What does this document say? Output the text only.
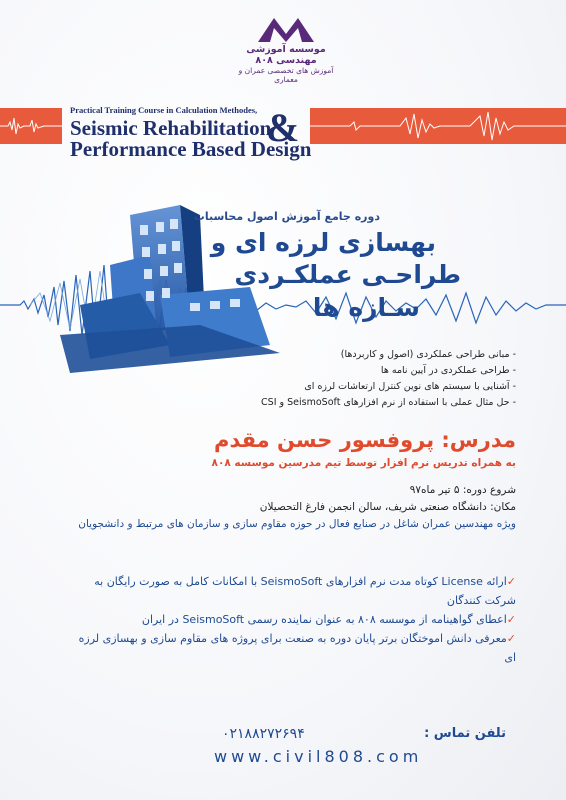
موسسه آموزشی مهندسی ۸۰۸
آموزش های تخصصی عمران و معماری
Practical Training Course in Calculation Methodes,
Seismic Rehabilitation
Performance Based Design
&
دوره جامع آموزش اصول محاسبات
بهسازی لرزه ای و
طراحـی عملکـردی
سـازه ها
- مبانی طراحی عملکردی (اصول و کاربردها)
- طراحی عملکردی در آیین نامه ها
- آشنایی با سیستم های نوین کنترل ارتعاشات لرزه ای
- حل مثال عملی با استفاده از نرم افزارهای SeismoSoft و CSI
مدرس: پروفسور حسن مقدم
به همراه تدریس نرم افزار توسط تیم مدرسین موسسه ۸۰۸
شروع دوره: ۵ تیر ماه۹۷
مکان: دانشگاه صنعتی شریف، سالن انجمن فارغ التحصیلان
ویژه مهندسین عمران شاغل در صنایع فعال در حوزه مقاوم سازی و سازمان های مرتبط و دانشجویان
✓ارائه License کوتاه مدت نرم افزارهای SeismoSoft با امکانات کامل به صورت رایگان به شرکت کنندگان
✓اعطای گواهینامه از موسسه ۸۰۸ به عنوان نماینده رسمی SeismoSoft در ایران
✓معرفی دانش اموختگان برتر پایان دوره به صنعت برای پروژه های مقاوم سازی و بهسازی لرزه ای
۰۲۱۸۸۲۷۲۶۹۴	تلفن تماس :
www.civil808.com
